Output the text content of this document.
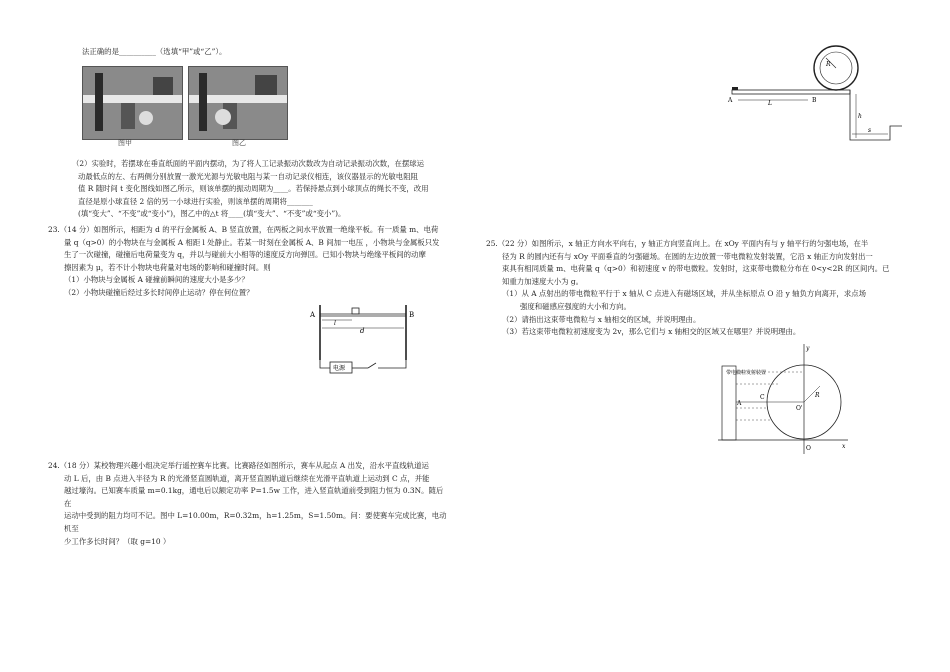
法正确的是__________（选填“甲”或“乙”）。

图甲	图乙

（2）实验时，若摆球在垂直纸面的平面内摆动，为了将人工记录振动次数改为自动记录振动次数，在摆球运

动最低点的左、右两侧分别放置一激光光源与光敏电阻与某一自动记录仪相连，该仪器显示的光敏电阻阻

值 R 随时间 t 变化图线如图乙所示，则该单摆的振动周期为____。若保持悬点到小球顶点的绳长不变，改用

直径是原小球直径 2 倍的另一小球进行实验，则该单摆的周期将_______

(填“变大”、“不变”或“变小”)，图乙中的△t 将____(填“变大”、“不变”或“变小”)。

23.（14 分）如图所示，相距为 d 的平行金属板 A、B 竖直放置，在两板之间水平放置一绝缘平板。有一质量 m、电荷

量 q（q>0）的小物块在与金属板 A 相距 l 处静止。若某一时刻在金属板 A、B 间加一电压 ，小物块与金属板只发

生了一次碰撞，碰撞后电荷量变为 q，并以与碰前大小相等的速度反方向弹回。已知小物块与绝缘平板间的动摩

擦因素为 μ，若不计小物块电荷量对电场的影响和碰撞时间。则

（1）小物块与金属板 A 碰撞前瞬间的速度大小是多少？

（2）小物块碰撞后经过多长时间停止运动？停在何位置？

A	B
l
d
电源

24.（18 分）某校物理兴趣小组决定举行遥控赛车比赛。比赛路径如图所示，赛车从起点 A 出发，沿水平直线轨道运

动 L 后，由 B 点进入半径为 R 的光滑竖直圆轨道，离开竖直圆轨道后继续在光滑平直轨道上运动到 C 点，并能

越过壕沟。已知赛车质量 m=0.1kg，通电后以额定功率 P=1.5w 工作，进入竖直轨道前受到阻力恒为 0.3N。随后在

运动中受到的阻力均可不记。图中 L=10.00m，R=0.32m，h=1.25m，S=1.50m。问：要使赛车完成比赛，电动机至

少工作多长时间？（取 g=10 ）

R
A	B
L
h
s

25.（22 分）如图所示，x 轴正方向水平向右，y 轴正方向竖直向上。在 xOy 平面内有与 y 轴平行的匀强电场，在半

径为 R 的圆内还有与 xOy 平面垂直的匀强磁场。在圆的左边放置一带电微粒发射装置，它沿 x 轴正方向发射出一

束具有相同质量 m、电荷量 q（q>0）和初速度 v 的带电微粒。发射时，这束带电微粒分布在 0<y<2R 的区间内。已

知重力加速度大小为 g。

（1）从 A 点射出的带电微粒平行于 x 轴从 C 点进入有磁场区域，并从坐标原点 O 沿 y 轴负方向离开，求点场

强度和磁感应强度的大小和方向。

（2）请指出这束带电微粒与 x 轴相交的区域，并说明理由。

（3）若这束带电微粒初速度变为 2v，那么它们与 x 轴相交的区域又在哪里？并说明理由。

带电微粒发射装置
y
x
A
C
O'
R
O
